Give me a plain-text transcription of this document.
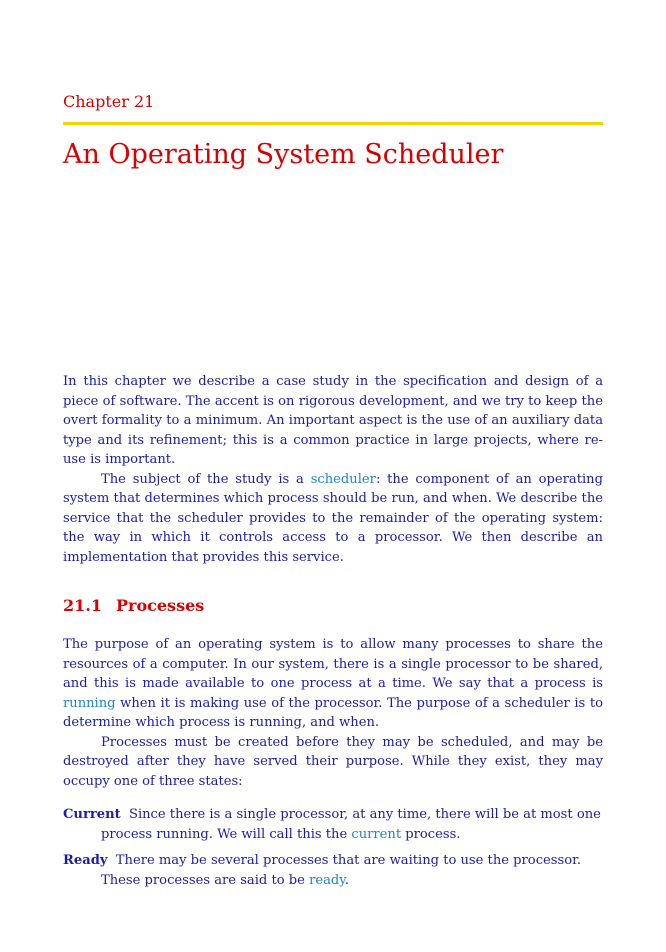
Chapter 21

An Operating System Scheduler

In this chapter we describe a case study in the specification and design of a piece of software. The accent is on rigorous development, and we try to keep the overt formality to a minimum. An important aspect is the use of an auxiliary data type and its refinement; this is a common practice in large projects, where re-use is important.

The subject of the study is a scheduler: the component of an operating system that determines which process should be run, and when. We describe the service that the scheduler provides to the remainder of the operating system: the way in which it controls access to a processor. We then describe an implementation that provides this service.

21.1 Processes

The purpose of an operating system is to allow many processes to share the resources of a computer. In our system, there is a single processor to be shared, and this is made available to one process at a time. We say that a process is running when it is making use of the processor. The purpose of a scheduler is to determine which process is running, and when.

Processes must be created before they may be scheduled, and may be destroyed after they have served their purpose. While they exist, they may occupy one of three states:

Current Since there is a single processor, at any time, there will be at most one
process running. We will call this the current process.
Ready There may be several processes that are waiting to use the processor.
These processes are said to be ready.
